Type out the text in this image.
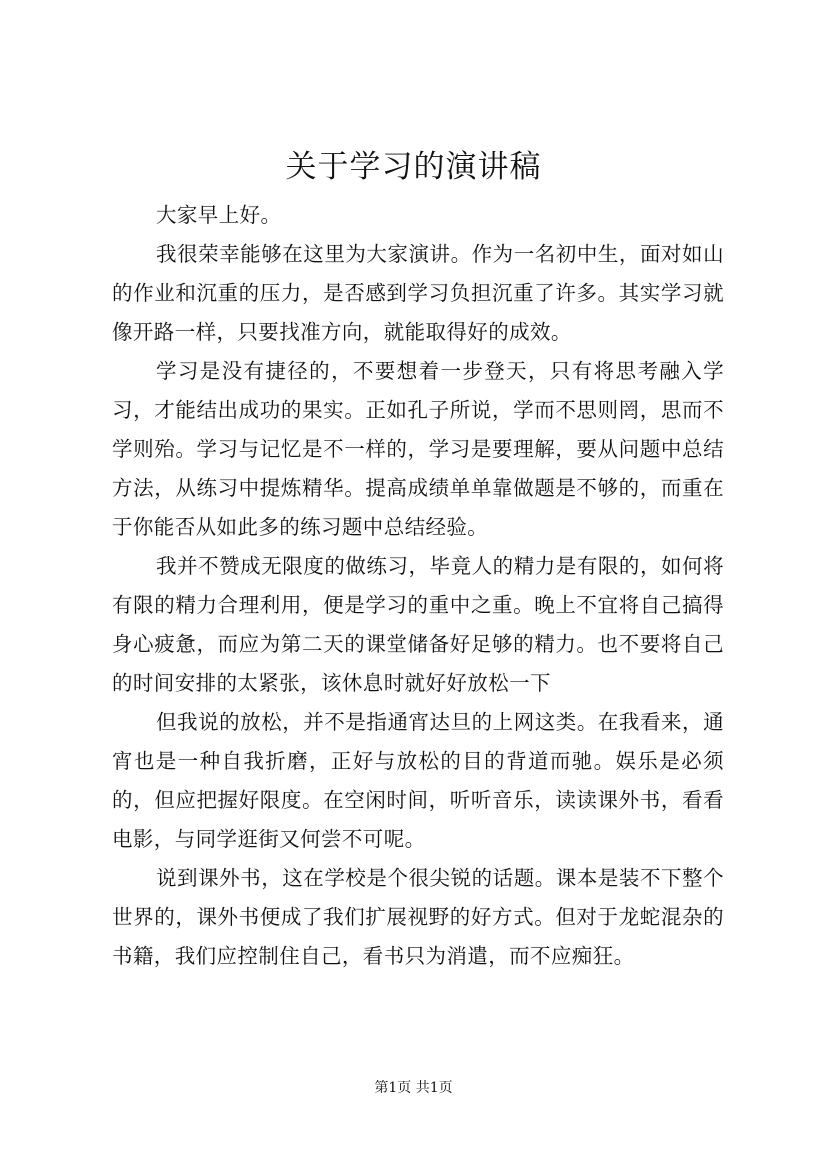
关于学习的演讲稿

大家早上好。

我很荣幸能够在这里为大家演讲。作为一名初中生，面对如山的作业和沉重的压力，是否感到学习负担沉重了许多。其实学习就像开路一样，只要找准方向，就能取得好的成效。

学习是没有捷径的，不要想着一步登天，只有将思考融入学习，才能结出成功的果实。正如孔子所说，学而不思则罔，思而不学则殆。学习与记忆是不一样的，学习是要理解，要从问题中总结方法，从练习中提炼精华。提高成绩单单靠做题是不够的，而重在于你能否从如此多的练习题中总结经验。

我并不赞成无限度的做练习，毕竟人的精力是有限的，如何将有限的精力合理利用，便是学习的重中之重。晚上不宜将自己搞得身心疲惫，而应为第二天的课堂储备好足够的精力。也不要将自己的时间安排的太紧张，该休息时就好好放松一下

但我说的放松，并不是指通宵达旦的上网这类。在我看来，通宵也是一种自我折磨，正好与放松的目的背道而驰。娱乐是必须的，但应把握好限度。在空闲时间，听听音乐，读读课外书，看看电影，与同学逛街又何尝不可呢。

说到课外书，这在学校是个很尖锐的话题。课本是装不下整个世界的，课外书便成了我们扩展视野的好方式。但对于龙蛇混杂的书籍，我们应控制住自己，看书只为消遣，而不应痴狂。

第1页 共1页
